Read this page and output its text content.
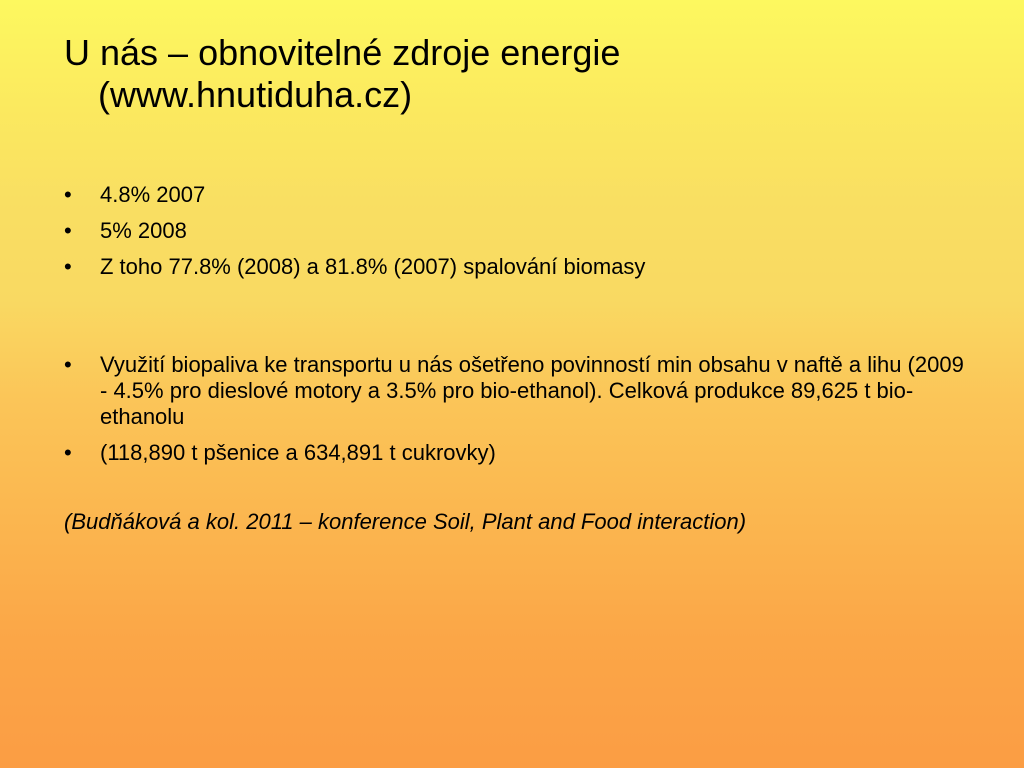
U nás – obnovitelné zdroje energie
(www.hnutiduha.cz)
•	4.8% 2007
•	5% 2008
•	Z toho 77.8% (2008) a 81.8% (2007) spalování biomasy
•	Využití biopaliva ke transportu u nás ošetřeno povinností min obsahu v naftě a lihu (2009 - 4.5% pro dieslové motory a 3.5% pro bio-ethanol). Celková produkce 89,625 t bio-ethanolu
•	(118,890 t pšenice a 634,891 t cukrovky)

(Budňáková a kol. 2011 – konference Soil, Plant and Food interaction)
